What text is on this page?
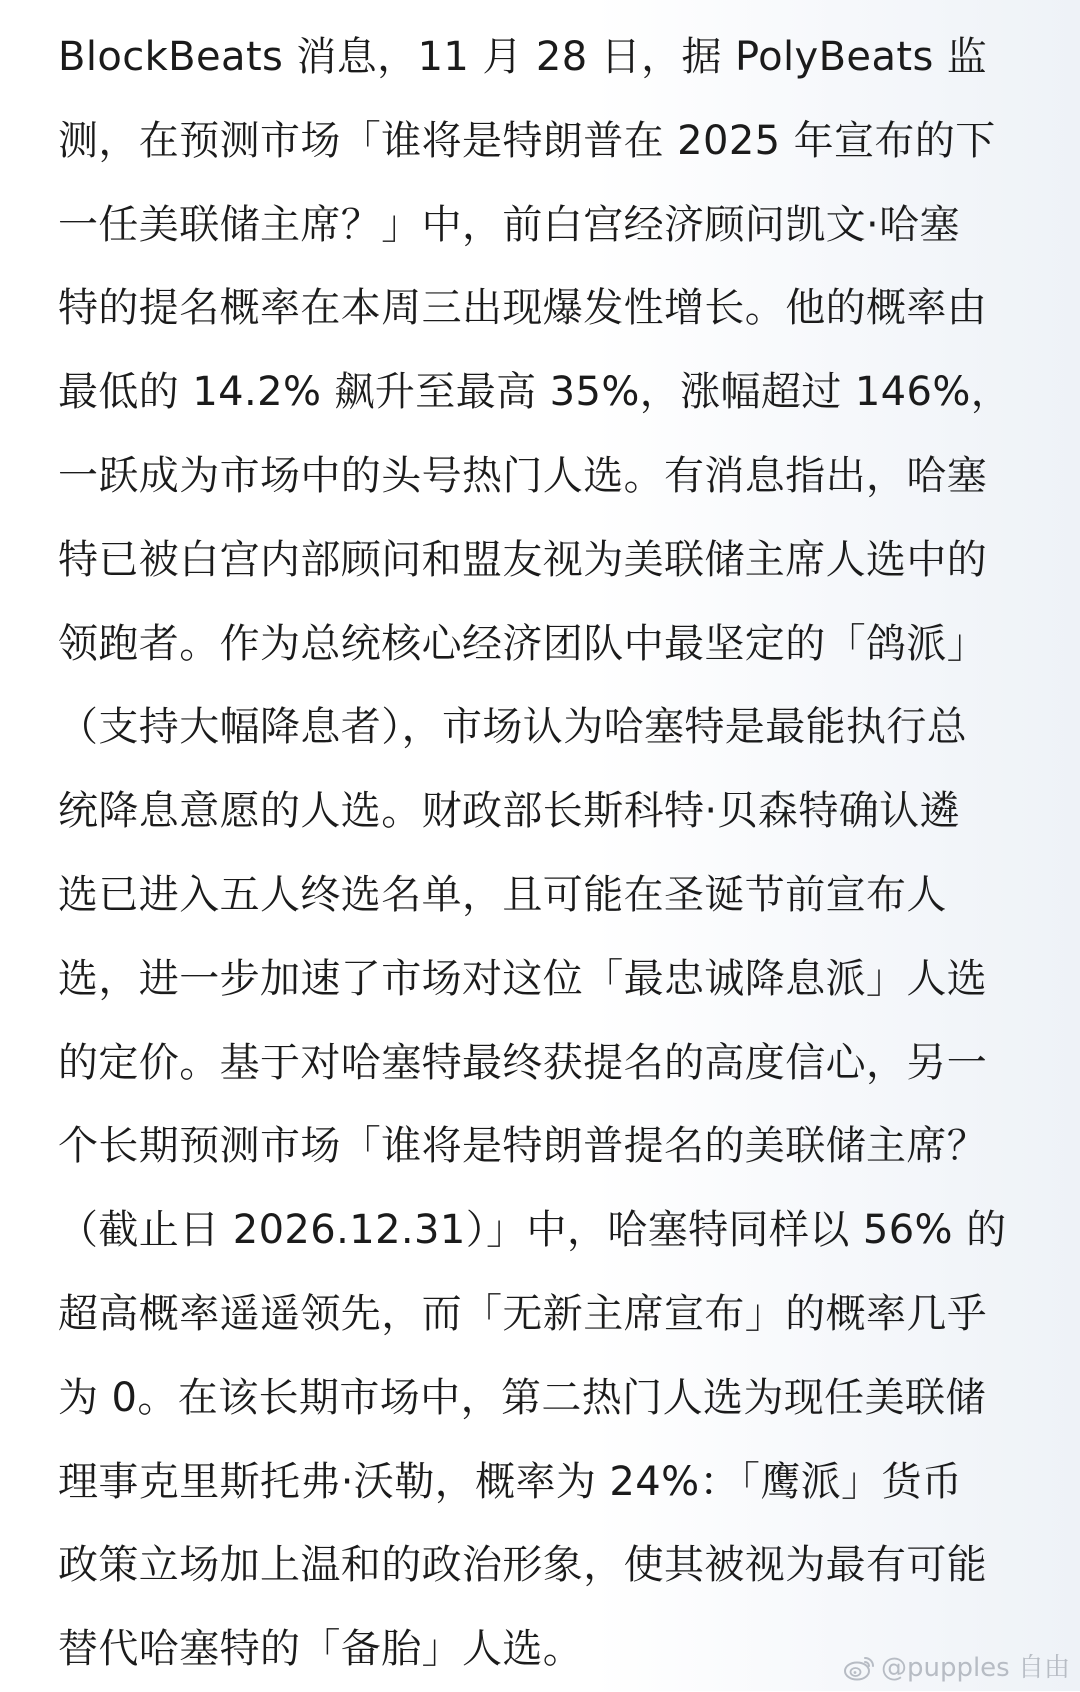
BlockBeats 消息，11 月 28 日，据 PolyBeats 监
测，在预测市场「谁将是特朗普在 2025 年宣布的下
一任美联储主席？」中，前白宫经济顾问凯文·哈塞
特的提名概率在本周三出现爆发性增长。他的概率由
最低的 14.2% 飙升至最高 35%，涨幅超过 146%，
一跃成为市场中的头号热门人选。有消息指出，哈塞
特已被白宫内部顾问和盟友视为美联储主席人选中的
领跑者。作为总统核心经济团队中最坚定的「鸽派」
（支持大幅降息者），市场认为哈塞特是最能执行总
统降息意愿的人选。财政部长斯科特·贝森特确认遴
选已进入五人终选名单，且可能在圣诞节前宣布人
选，进一步加速了市场对这位「最忠诚降息派」人选
的定价。基于对哈塞特最终获提名的高度信心，另一
个长期预测市场「谁将是特朗普提名的美联储主席？
（截止日 2026.12.31）」中，哈塞特同样以 56% 的
超高概率遥遥领先，而「无新主席宣布」的概率几乎
为 0。在该长期市场中，第二热门人选为现任美联储
理事克里斯托弗·沃勒，概率为 24%：「鹰派」货币
政策立场加上温和的政治形象，使其被视为最有可能
替代哈塞特的「备胎」人选。	@pupples 自由
